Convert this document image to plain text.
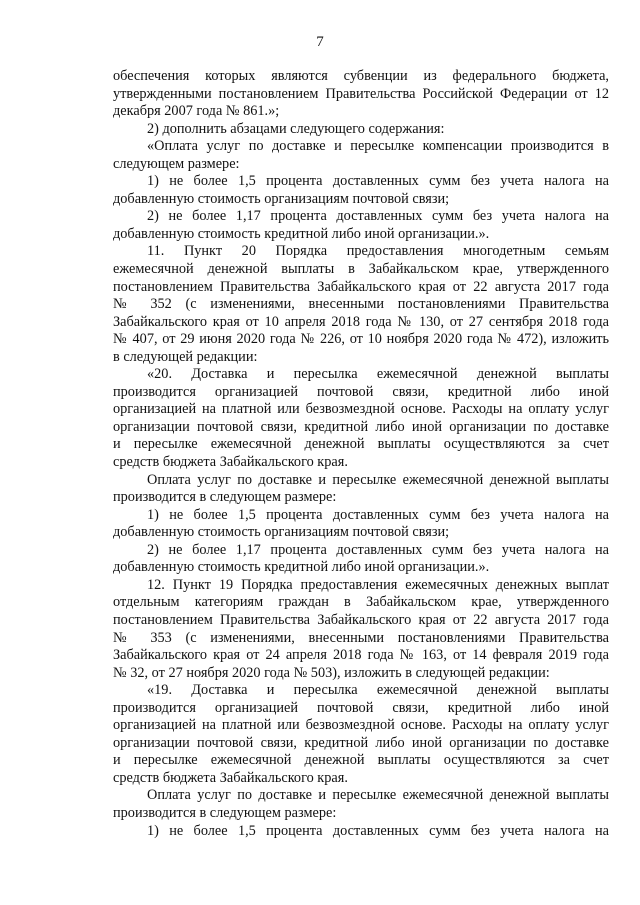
7
обеспечения которых являются субвенции из федерального бюджета,
утвержденными постановлением Правительства Российской Федерации от 12
декабря 2007 года № 861.»;
2) дополнить абзацами следующего содержания:
«Оплата услуг по доставке и пересылке компенсации производится в
следующем размере:
1) не более 1,5 процента доставленных сумм без учета налога на
добавленную стоимость организациям почтовой связи;
2) не более 1,17 процента доставленных сумм без учета налога на
добавленную стоимость кредитной либо иной организации.».
11. Пункт 20 Порядка предоставления многодетным семьям
ежемесячной денежной выплаты в Забайкальском крае, утвержденного
постановлением Правительства Забайкальского края от 22 августа 2017 года
№ 352 (с изменениями, внесенными постановлениями Правительства
Забайкальского края от 10 апреля 2018 года № 130, от 27 сентября 2018 года
№ 407, от 29 июня 2020 года № 226, от 10 ноября 2020 года № 472), изложить
в следующей редакции:
«20. Доставка и пересылка ежемесячной денежной выплаты
производится организацией почтовой связи, кредитной либо иной
организацией на платной или безвозмездной основе. Расходы на оплату услуг
организации почтовой связи, кредитной либо иной организации по доставке
и пересылке ежемесячной денежной выплаты осуществляются за счет
средств бюджета Забайкальского края.
Оплата услуг по доставке и пересылке ежемесячной денежной выплаты
производится в следующем размере:
1) не более 1,5 процента доставленных сумм без учета налога на
добавленную стоимость организациям почтовой связи;
2) не более 1,17 процента доставленных сумм без учета налога на
добавленную стоимость кредитной либо иной организации.».
12. Пункт 19 Порядка предоставления ежемесячных денежных выплат
отдельным категориям граждан в Забайкальском крае, утвержденного
постановлением Правительства Забайкальского края от 22 августа 2017 года
№ 353 (с изменениями, внесенными постановлениями Правительства
Забайкальского края от 24 апреля 2018 года № 163, от 14 февраля 2019 года
№ 32, от 27 ноября 2020 года № 503), изложить в следующей редакции:
«19. Доставка и пересылка ежемесячной денежной выплаты
производится организацией почтовой связи, кредитной либо иной
организацией на платной или безвозмездной основе. Расходы на оплату услуг
организации почтовой связи, кредитной либо иной организации по доставке
и пересылке ежемесячной денежной выплаты осуществляются за счет
средств бюджета Забайкальского края.
Оплата услуг по доставке и пересылке ежемесячной денежной выплаты
производится в следующем размере:
1) не более 1,5 процента доставленных сумм без учета налога на
